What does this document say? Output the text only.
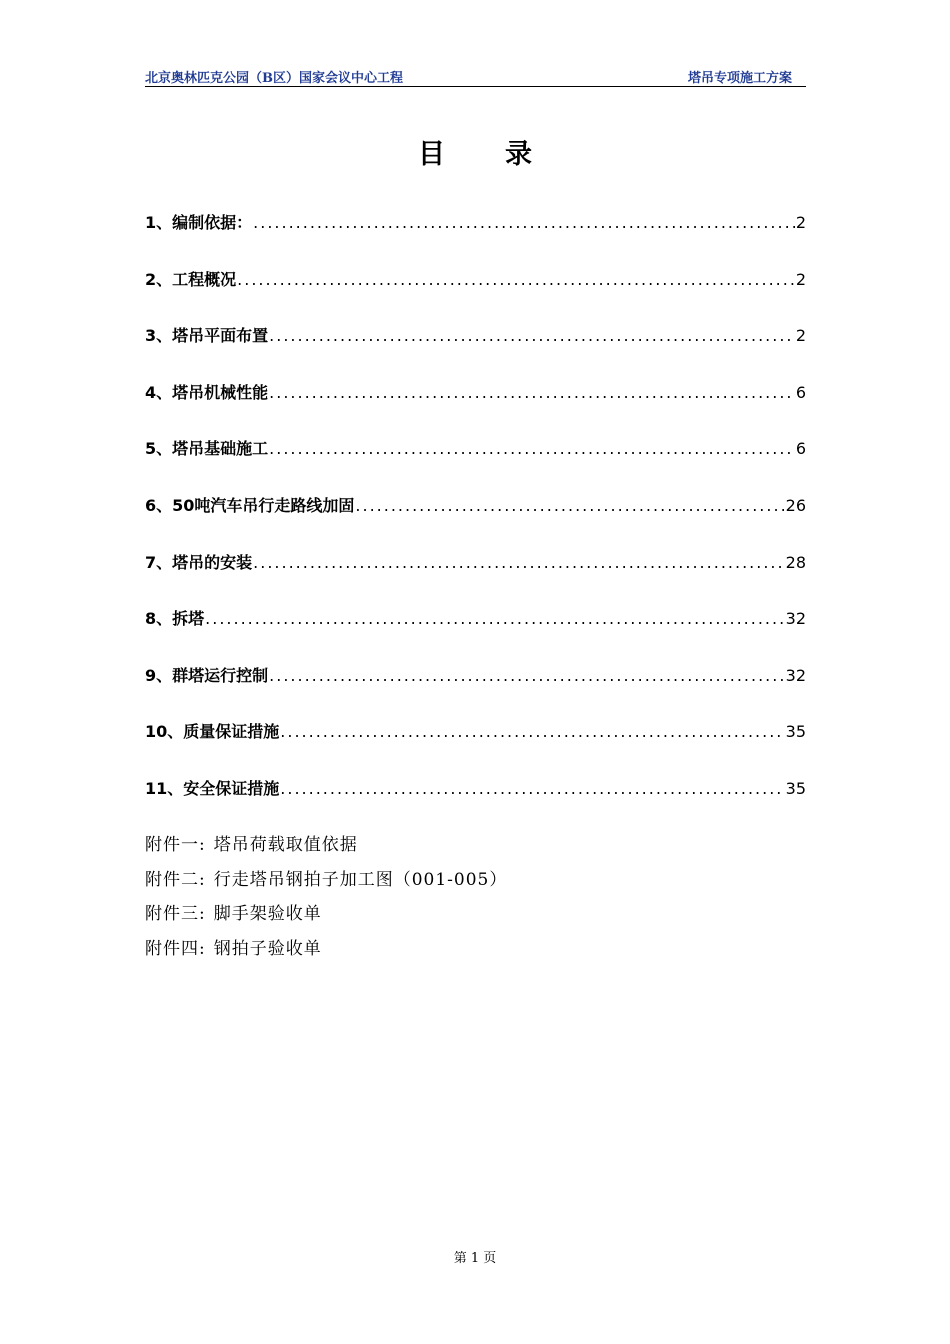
北京奥林匹克公园（B区）国家会议中心工程	塔吊专项施工方案
目 录
1、编制依据： .....	2
2、工程概况 .....	2
3、塔吊平面布置 .....	2
4、塔吊机械性能 .....	6
5、塔吊基础施工 .....	6
6、50吨汽车吊行走路线加固 .....	26
7、塔吊的安装 .....	28
8、拆塔 .....	32
9、群塔运行控制 .....	32
10、质量保证措施 .....	35
11、安全保证措施 .....	35
附件一: 塔吊荷载取值依据
附件二: 行走塔吊钢拍子加工图（001-005）
附件三: 脚手架验收单
附件四: 钢拍子验收单
第 1 页
